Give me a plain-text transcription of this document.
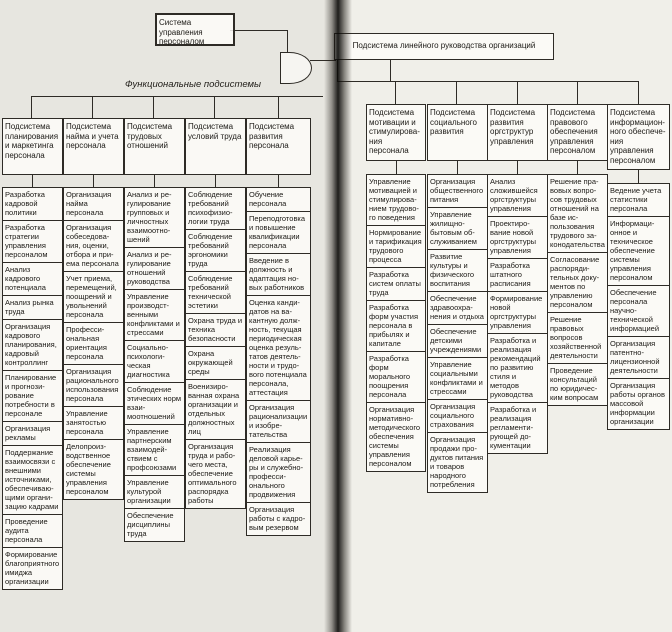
Система управления персоналом	Подсистема линейного руководства организаций
Функциональные подсистемы
Подсистема планирования и маркетинга персонала
Разработка кадровой политики
Разработка стратегии управления персоналом
Анализ кадрового потенциала
Анализ рынка труда
Организация кадрового планирования, кадровый контроллинг
Планирование и прогнозирование потребности в персонале
Организация рекламы
Поддержание взаимосвязи с внешними источниками, обеспечивающими организацию кадрами
Проведение аудита персонала
Формирование благоприятного имиджа организации
Подсистема найма и учета персонала
Организация найма персонала
Организация собеседования, оценки, отбора и приема персонала
Учет приема, перемещений, поощрений и увольнений персонала
Профессиональная ориентация персонала
Организация рационального использования персонала
Управление занятостью персонала
Делопроизводственное обеспечение системы управления персоналом
Подсистема трудовых отношений
Анализ и регулирование групповых и личностных взаимоотношений
Анализ и регулирование отношений руководства
Управление производственными конфликтами и стрессами
Социально-психологическая диагностика
Соблюдение этических норм взаимоотношений
Управление партнерским взаимодействием с профсоюзами
Управление культурой организации
Обеспечение дисциплины труда
Подсистема условий труда
Соблюдение требований психофизиологии труда
Соблюдение требований эргономики труда
Соблюдение требований технической эстетики
Охрана труда и техника безопасности
Охрана окружающей среды
Военизированная охрана организации и отдельных должностных лиц
Организация труда и рабочего места, обеспечение оптимального распорядка работы
Подсистема развития персонала
Обучение персонала
Переподготовка и повышение квалификации персонала
Введение в должность и адаптация новых работников
Оценка кандидатов на вакантную должность, текущая периодическая оценка результатов деятельности и трудового потенциала персонала, аттестация
Организация рационализации и изобретательства
Реализация деловой карьеры и служебно-профессионального продвижения
Организация работы с кадровым резервом
Подсистема мотивации и стимулирования персонала
Управление мотивацией и стимулированием трудового поведения
Нормирование и тарификация трудового процесса
Разработка систем оплаты труда
Разработка форм участия персонала в прибылях и капитале
Разработка форм морального поощрения персонала
Организация нормативно-методического обеспечения системы управления персоналом
Подсистема социального развития
Организация общественного питания
Управление жилищно-бытовым обслуживанием
Развитие культуры и физического воспитания
Обеспечение здравоохранения и отдыха
Обеспечение детскими учреждениями
Управление социальными конфликтами и стрессами
Организация социального страхования
Организация продажи продуктов питания и товаров народного потребления
Подсистема развития оргструктур управления
Анализ сложившейся оргструктуры управления
Проектирование новой оргструктуры управления
Разработка штатного расписания
Формирование новой оргструктуры управления
Разработка и реализация рекомендаций по развитию стиля и методов руководства
Разработка и реализация регламентирующей документации
Подсистема правового обеспечения управления персоналом
Решение правовых вопросов трудовых отношений на базе использования трудового законодательства
Согласование распорядительных документов по управлению персоналом
Решение правовых вопросов хозяйственной деятельности
Проведение консультаций по юридическим вопросам
Подсистема информационного обеспечения управления персоналом
Ведение учета статистики персонала
Информационное и техническое обеспечение системы управления персоналом
Обеспечение персонала научно-технической информацией
Организация патентно-лицензионной деятельности
Организация работы органов массовой информации организации
